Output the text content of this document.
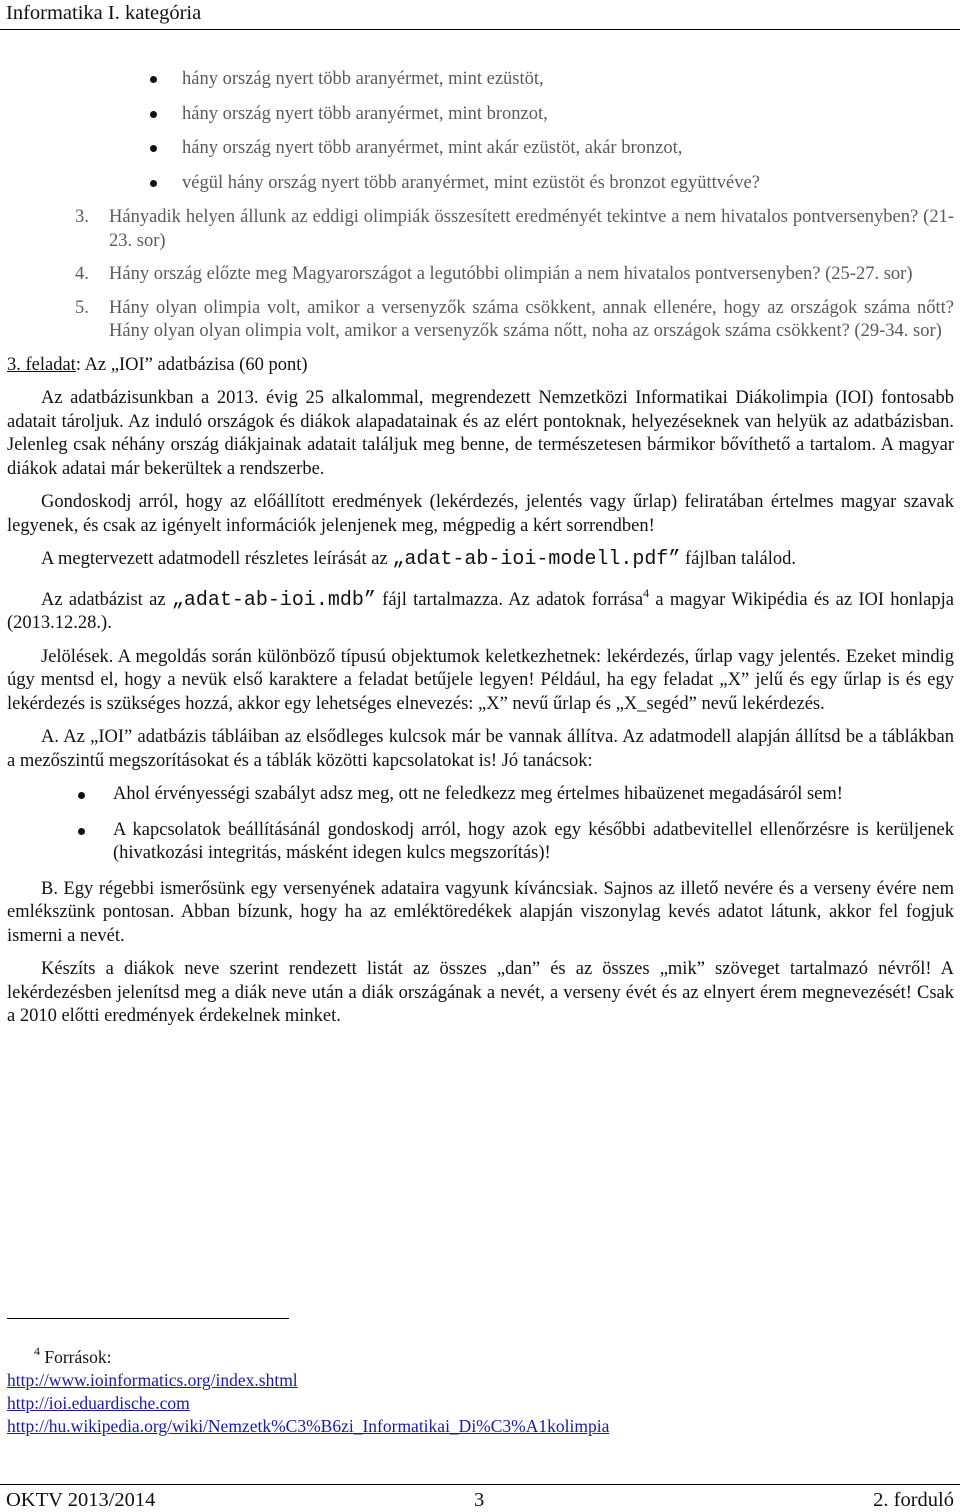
Informatika I. kategória
hány ország nyert több aranyérmet, mint ezüstöt,
hány ország nyert több aranyérmet, mint bronzot,
hány ország nyert több aranyérmet, mint akár ezüstöt, akár bronzot,
végül hány ország nyert több aranyérmet, mint ezüstöt és bronzot együttvéve?
3.	Hányadik helyen állunk az eddigi olimpiák összesített eredményét tekintve a nem hivatalos pontversenyben? (21-23. sor)
4.	Hány ország előzte meg Magyarországot a legutóbbi olimpián a nem hivatalos pontversenyben? (25-27. sor)
5.	Hány olyan olimpia volt, amikor a versenyzők száma csökkent, annak ellenére, hogy az országok száma nőtt? Hány olyan olyan olimpia volt, amikor a versenyzők száma nőtt, noha az országok száma csökkent? (29-34. sor)
3. feladat: Az „IOI” adatbázisa (60 pont)

Az adatbázisunkban a 2013. évig 25 alkalommal, megrendezett Nemzetközi Informatikai Diákolimpia (IOI) fontosabb adatait tároljuk. Az induló országok és diákok alapadatainak és az elért pontoknak, helyezéseknek van helyük az adatbázisban. Jelenleg csak néhány ország diákjainak adatait találjuk meg benne, de természetesen bármikor bővíthető a tartalom. A magyar diákok adatai már bekerültek a rendszerbe.

Gondoskodj arról, hogy az előállított eredmények (lekérdezés, jelentés vagy űrlap) feliratában értelmes magyar szavak legyenek, és csak az igényelt információk jelenjenek meg, mégpedig a kért sorrendben!

A megtervezett adatmodell részletes leírását az „adat-ab-ioi-modell.pdf” fájlban találod.

Az adatbázist az „adat-ab-ioi.mdb” fájl tartalmazza. Az adatok forrása$^4$ a magyar Wikipédia és az IOI honlapja (2013.12.28.).

Jelölések. A megoldás során különböző típusú objektumok keletkezhetnek: lekérdezés, űrlap vagy jelentés. Ezeket mindig úgy mentsd el, hogy a nevük első karaktere a feladat betűjele legyen! Például, ha egy feladat „X” jelű és egy űrlap is és egy lekérdezés is szükséges hozzá, akkor egy lehetséges elnevezés: „X” nevű űrlap és „X_segéd” nevű lekérdezés.

A. Az „IOI” adatbázis tábláiban az elsődleges kulcsok már be vannak állítva. Az adatmodell alapján állítsd be a táblákban a mezőszintű megszorításokat és a táblák közötti kapcsolatokat is! Jó tanácsok:

Ahol érvényességi szabályt adsz meg, ott ne feledkezz meg értelmes hibaüzenet megadásáról sem!
A kapcsolatok beállításánál gondoskodj arról, hogy azok egy későbbi adatbevitellel ellenőrzésre is kerüljenek (hivatkozási integritás, másként idegen kulcs megszorítás)!

B. Egy régebbi ismerősünk egy versenyének adataira vagyunk kíváncsiak. Sajnos az illető nevére és a verseny évére nem emlékszünk pontosan. Abban bízunk, hogy ha az emléktöredékek alapján viszonylag kevés adatot látunk, akkor fel fogjuk ismerni a nevét.

Készíts a diákok neve szerint rendezett listát az összes „dan” és az összes „mik” szöveget tartalmazó névről! A lekérdezésben jelenítsd meg a diák neve után a diák országának a nevét, a verseny évét és az elnyert érem megnevezését! Csak a 2010 előtti eredmények érdekelnek minket.

$^4$ Források:
http://www.ioinformatics.org/index.shtml
http://ioi.eduardische.com
http://hu.wikipedia.org/wiki/Nemzetk%C3%B6zi_Informatikai_Di%C3%A1kolimpia
OKTV 2013/2014	3	2. forduló
